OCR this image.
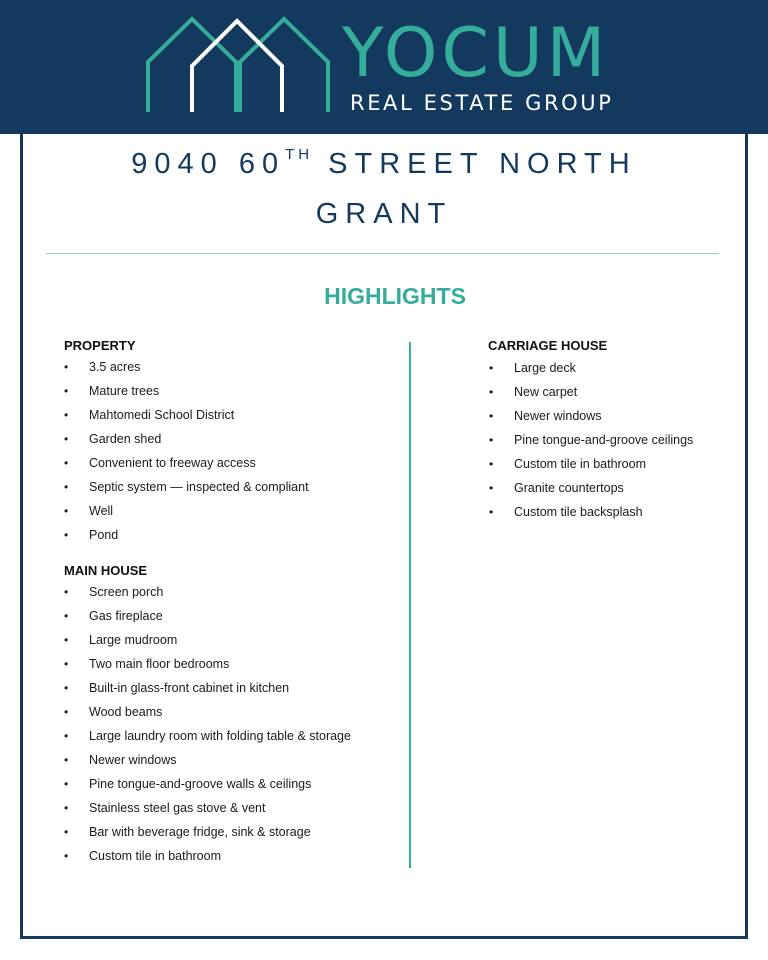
YOCUM
REAL ESTATE GROUP
9040 60TH STREET NORTH
GRANT
HIGHLIGHTS
PROPERTY
• 3.5 acres
• Mature trees
• Mahtomedi School District
• Garden shed
• Convenient to freeway access
• Septic system — inspected & compliant
• Well
• Pond
MAIN HOUSE
• Screen porch
• Gas fireplace
• Large mudroom
• Two main floor bedrooms
• Built-in glass-front cabinet in kitchen
• Wood beams
• Large laundry room with folding table & storage
• Newer windows
• Pine tongue-and-groove walls & ceilings
• Stainless steel gas stove & vent
• Bar with beverage fridge, sink & storage
• Custom tile in bathroom
CARRIAGE HOUSE
• Large deck
• New carpet
• Newer windows
• Pine tongue-and-groove ceilings
• Custom tile in bathroom
• Granite countertops
• Custom tile backsplash
